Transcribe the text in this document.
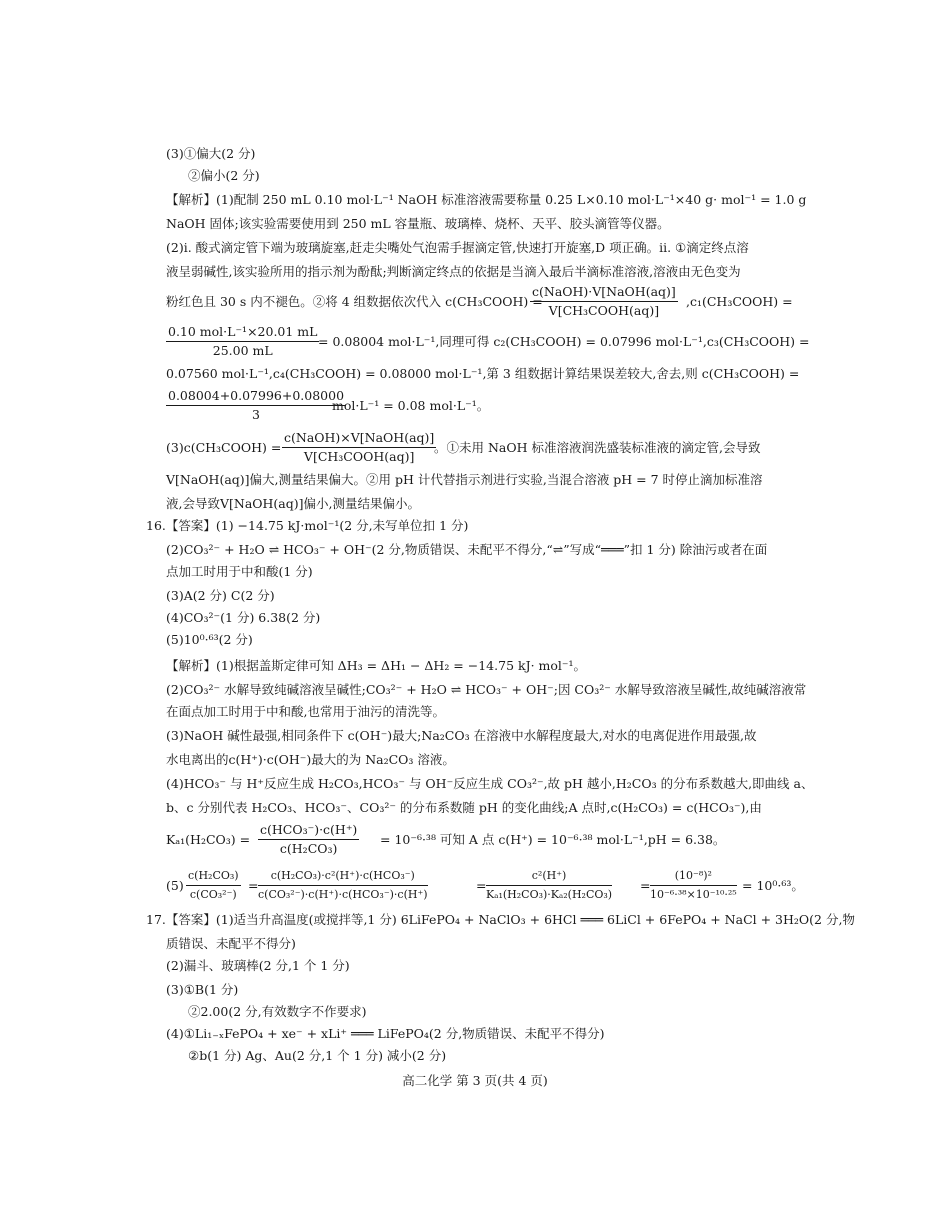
(3)①偏大(2 分)
②偏小(2 分)
【解析】(1)配制 250 mL 0.10 mol·L⁻¹ NaOH 标准溶液需要称量 0.25 L×0.10 mol·L⁻¹×40 g· mol⁻¹ = 1.0 g
NaOH 固体;该实验需要使用到 250 mL 容量瓶、玻璃棒、烧杯、天平、胶头滴管等仪器。
(2)i. 酸式滴定管下端为玻璃旋塞,赶走尖嘴处气泡需手握滴定管,快速打开旋塞,D 项正确。ii. ①滴定终点溶
液呈弱碱性,该实验所用的指示剂为酚酞;判断滴定终点的依据是当滴入最后半滴标准溶液,溶液由无色变为
粉红色且 30 s 内不褪色。②将 4 组数据依次代入 c(CH₃COOH) =
c(NaOH)·V[NaOH(aq)]
V[CH₃COOH(aq)]
,c₁(CH₃COOH) =
0.10 mol·L⁻¹×20.01 mL
25.00 mL
= 0.08004 mol·L⁻¹,同理可得 c₂(CH₃COOH) = 0.07996 mol·L⁻¹,c₃(CH₃COOH) =
0.07560 mol·L⁻¹,c₄(CH₃COOH) = 0.08000 mol·L⁻¹,第 3 组数据计算结果误差较大,舍去,则 c(CH₃COOH) =
$\frac{0.08004+0.07996+0.08000}{3}$
mol·L⁻¹ = 0.08 mol·L⁻¹。
(3)c(CH₃COOH) =
c(NaOH)×V[NaOH(aq)]
V[CH₃COOH(aq)]
。①未用 NaOH 标准溶液润洗盛装标准液的滴定管,会导致
V[NaOH(aq)]偏大,测量结果偏大。②用 pH 计代替指示剂进行实验,当混合溶液 pH = 7 时停止滴加标准溶
液,会导致V[NaOH(aq)]偏小,测量结果偏小。
16.【答案】(1) −14.75 kJ·mol⁻¹(2 分,未写单位扣 1 分)
(2)CO₃²⁻ + H₂O ⇌ HCO₃⁻ + OH⁻(2 分,物质错误、未配平不得分,“⇌”写成“═══”扣 1 分) 除油污或者在面
点加工时用于中和酸(1 分)
(3)A(2 分) C(2 分)
(4)CO₃²⁻(1 分) 6.38(2 分)
(5)10⁰·⁶³(2 分)
【解析】(1)根据盖斯定律可知 ΔH₃ = ΔH₁ − ΔH₂ = −14.75 kJ· mol⁻¹。
(2)CO₃²⁻ 水解导致纯碱溶液呈碱性;CO₃²⁻ + H₂O ⇌ HCO₃⁻ + OH⁻;因 CO₃²⁻ 水解导致溶液呈碱性,故纯碱溶液常
在面点加工时用于中和酸,也常用于油污的清洗等。
(3)NaOH 碱性最强,相同条件下 c(OH⁻)最大;Na₂CO₃ 在溶液中水解程度最大,对水的电离促进作用最强,故
水电离出的c(H⁺)·c(OH⁻)最大的为 Na₂CO₃ 溶液。
(4)HCO₃⁻ 与 H⁺反应生成 H₂CO₃,HCO₃⁻ 与 OH⁻反应生成 CO₃²⁻,故 pH 越小,H₂CO₃ 的分布系数越大,即曲线 a、
b、c 分别代表 H₂CO₃、HCO₃⁻、CO₃²⁻ 的分布系数随 pH 的变化曲线;A 点时,c(H₂CO₃) = c(HCO₃⁻),由
Kₐ₁(H₂CO₃) =
c(HCO₃⁻)·c(H⁺)
c(H₂CO₃)
= 10⁻⁶·³⁸ 可知 A 点 c(H⁺) = 10⁻⁶·³⁸ mol·L⁻¹,pH = 6.38。
$(5) \frac{\text{c(H₂CO₃)}}{\text{c(CO₃²⁻)}}$ =
c(H₂CO₃)·c²(H⁺)·c(HCO₃⁻)
c(CO₃²⁻)·c(H⁺)·c(HCO₃⁻)·c(H⁺)
= $\frac{\text{c²(H⁺)}}{\text{Kₐ₁(H₂CO₃)·Kₐ₂(H₂CO₃)}} = \frac{\text{(10⁻⁸)²}}{\text{10⁻⁶·³⁸×10⁻¹⁰·²⁵}} = 10^0\cdot^{63}$。
17.【答案】(1)适当升高温度(或搅拌等,1 分) 6LiFePO₄ + NaClO₃ + 6HCl ═══ 6LiCl + 6FePO₄ + NaCl + 3H₂O(2 分,物
质错误、未配平不得分)
(2)漏斗、玻璃棒(2 分,1 个 1 分)
(3)①B(1 分)
②2.00(2 分,有效数字不作要求)
(4)①Li₁₋ₓFePO₄ + xe⁻ + xLi⁺ ═══ LiFePO₄(2 分,物质错误、未配平不得分)
②b(1 分) Ag、Au(2 分,1 个 1 分) 减小(2 分)
高二化学 第 3 页(共 4 页)
